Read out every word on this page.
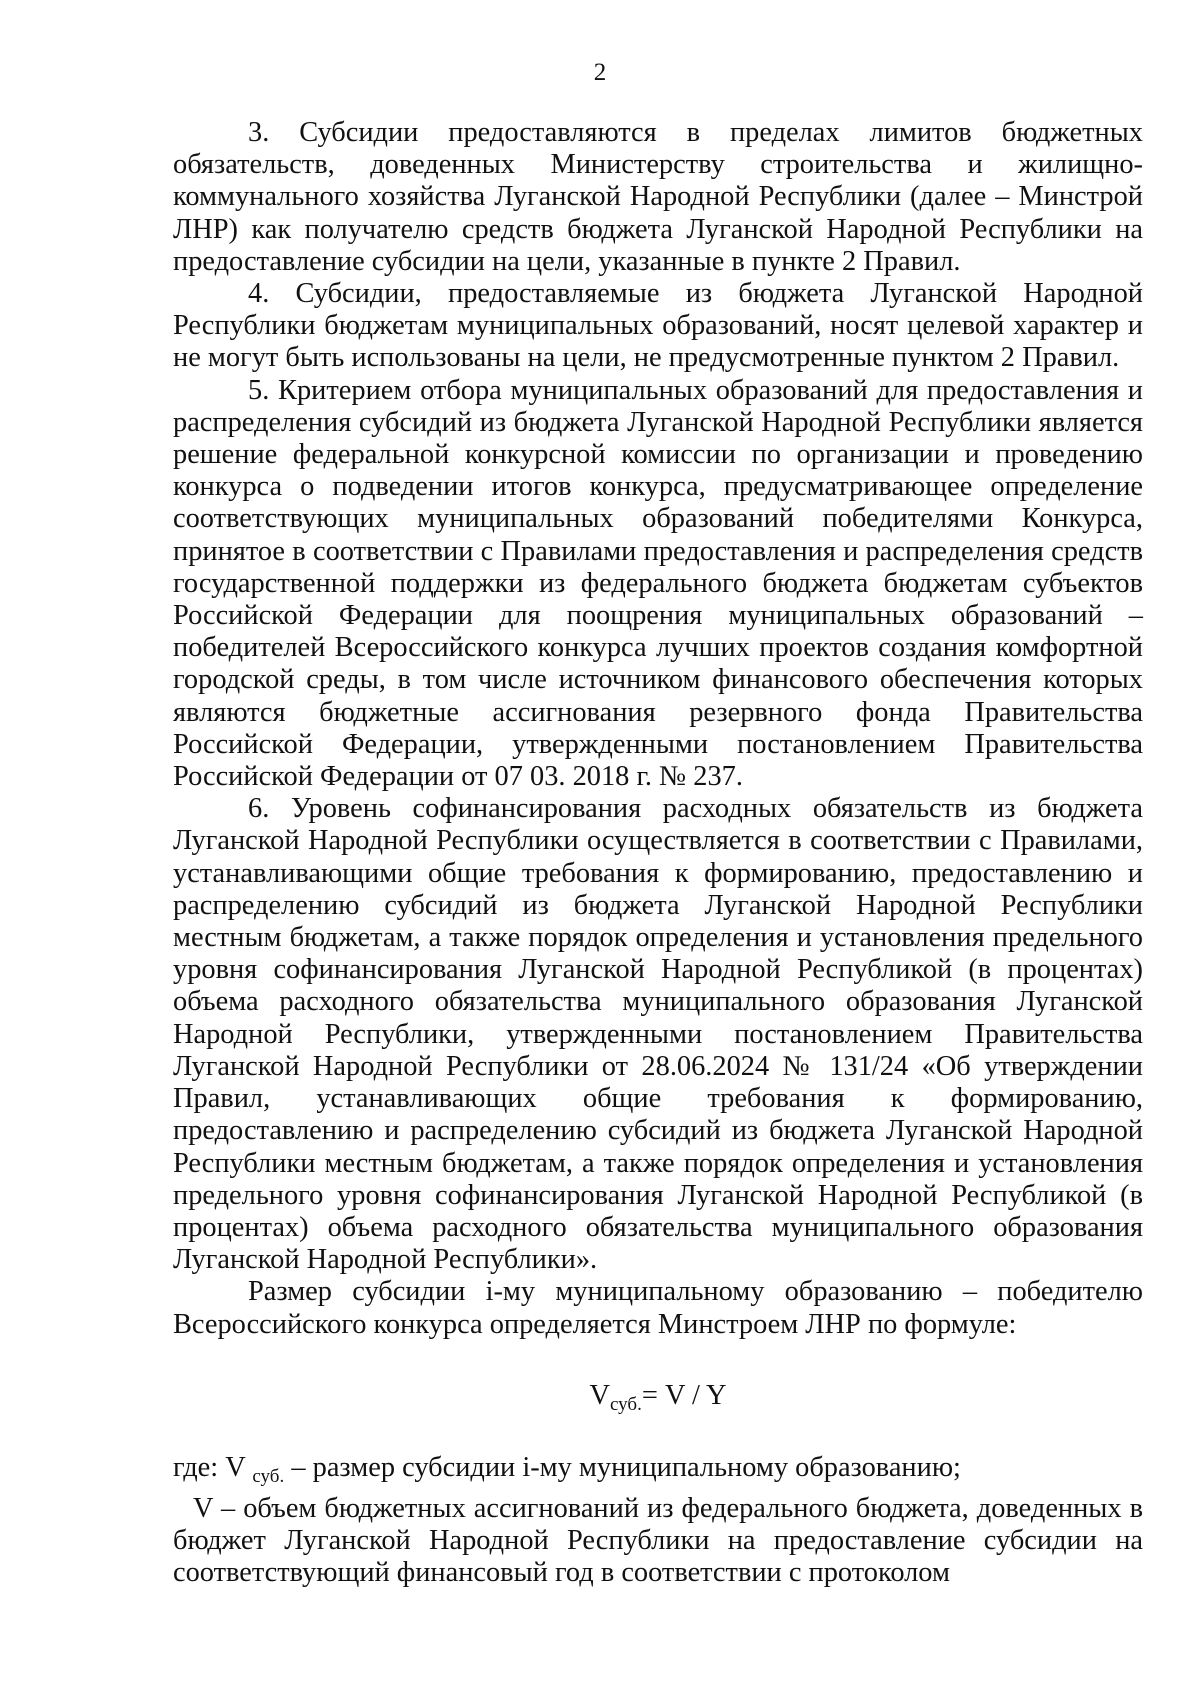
2

3. Субсидии предоставляются в пределах лимитов бюджетных обязательств, доведенных Министерству строительства и жилищно-коммунального хозяйства Луганской Народной Республики (далее – Минстрой ЛНР) как получателю средств бюджета Луганской Народной Республики на предоставление субсидии на цели, указанные в пункте 2 Правил.

4. Субсидии, предоставляемые из бюджета Луганской Народной Республики бюджетам муниципальных образований, носят целевой характер и не могут быть использованы на цели, не предусмотренные пунктом 2 Правил.

5. Критерием отбора муниципальных образований для предоставления и распределения субсидий из бюджета Луганской Народной Республики является решение федеральной конкурсной комиссии по организации и проведению конкурса о подведении итогов конкурса, предусматривающее определение соответствующих муниципальных образований победителями Конкурса, принятое в соответствии с Правилами предоставления и распределения средств государственной поддержки из федерального бюджета бюджетам субъектов Российской Федерации для поощрения муниципальных образований – победителей Всероссийского конкурса лучших проектов создания комфортной городской среды, в том числе источником финансового обеспечения которых являются бюджетные ассигнования резервного фонда Правительства Российской Федерации, утвержденными постановлением Правительства Российской Федерации от 07 03. 2018 г. № 237.

6. Уровень софинансирования расходных обязательств из бюджета Луганской Народной Республики осуществляется в соответствии с Правилами, устанавливающими общие требования к формированию, предоставлению и распределению субсидий из бюджета Луганской Народной Республики местным бюджетам, а также порядок определения и установления предельного уровня софинансирования Луганской Народной Республикой (в процентах) объема расходного обязательства муниципального образования Луганской Народной Республики, утвержденными постановлением Правительства Луганской Народной Республики от 28.06.2024 № 131/24 «Об утверждении Правил, устанавливающих общие требования к формированию, предоставлению и распределению субсидий из бюджета Луганской Народной Республики местным бюджетам, а также порядок определения и установления предельного уровня софинансирования Луганской Народной Республикой (в процентах) объема расходного обязательства муниципального образования Луганской Народной Республики».

Размер субсидии i-му муниципальному образованию – победителю Всероссийского конкурса определяется Минстроем ЛНР по формуле:

$V_{суб.}= V / Y$

где: V $_{суб.}$ – размер субсидии i-му муниципальному образованию;

V – объем бюджетных ассигнований из федерального бюджета, доведенных в бюджет Луганской Народной Республики на предоставление субсидии на соответствующий финансовый год в соответствии с протоколом
